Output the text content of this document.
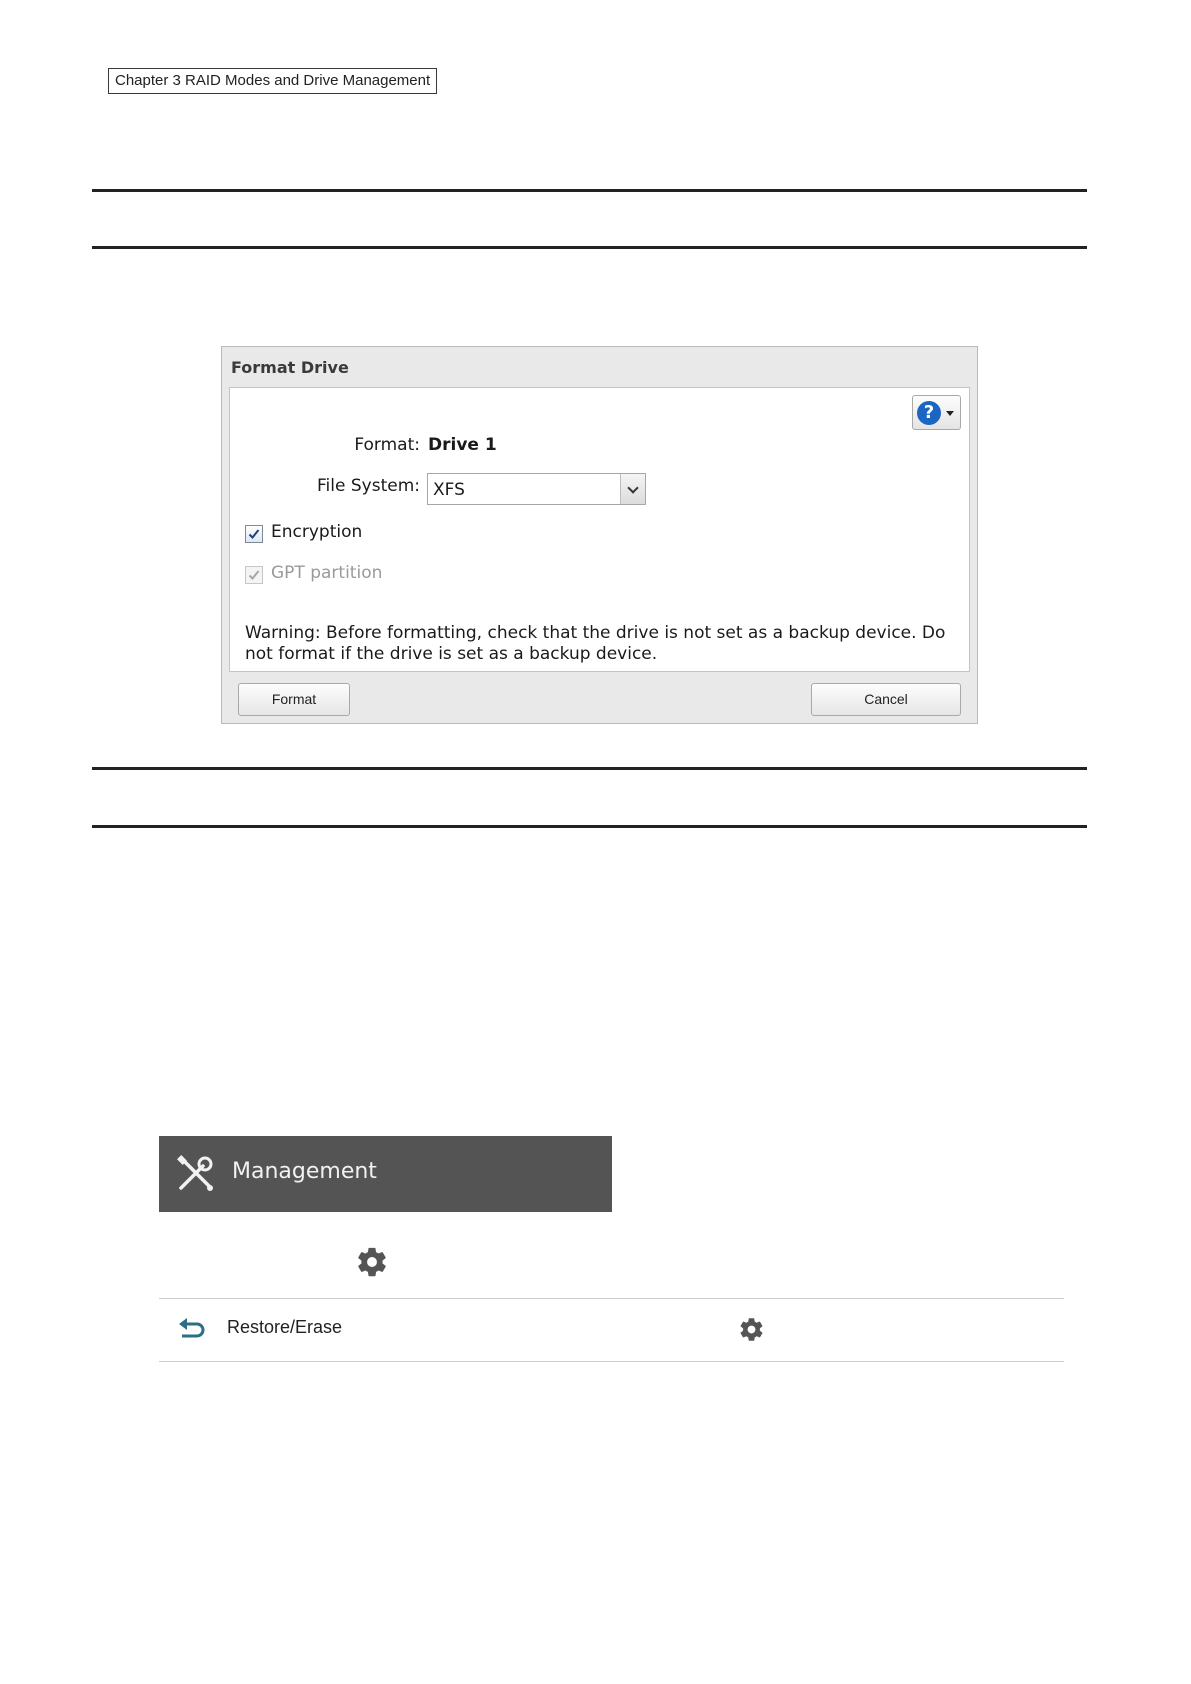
Chapter 3 RAID Modes and Drive Management
Format Drive
?
Format: Drive 1
File System: XFS
Encryption
GPT partition
Warning: Before formatting, check that the drive is not set as a backup device. Do not format if the drive is set as a backup device.
Format	Cancel
Management
Restore/Erase
